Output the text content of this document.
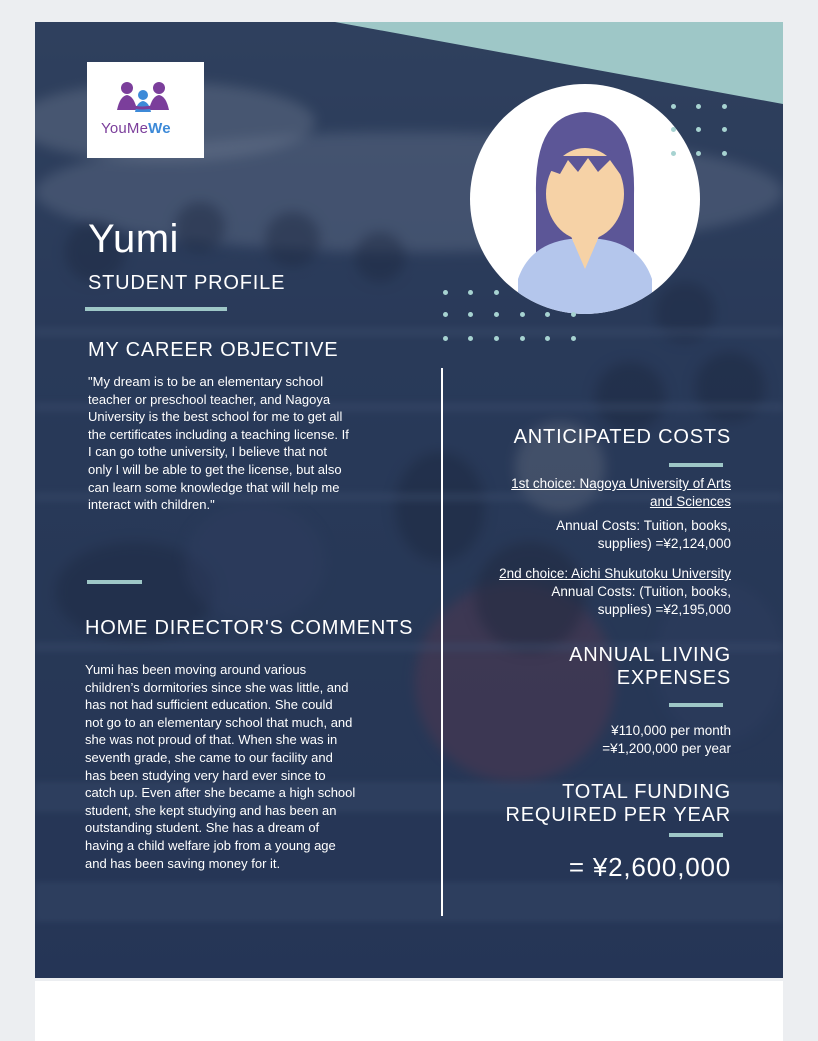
YouMeWe
Yumi
STUDENT PROFILE
MY CAREER OBJECTIVE
"My dream is to be an elementary school
teacher or preschool teacher, and Nagoya
University is the best school for me to get all
the certificates including a teaching license. If
I can go tothe university, I believe that not
only I will be able to get the license, but also
can learn some knowledge that will help me
interact with children."
HOME DIRECTOR'S COMMENTS
Yumi has been moving around various
children’s dormitories since she was little, and
has not had sufficient education. She could
not go to an elementary school that much, and
she was not proud of that. When she was in
seventh grade, she came to our facility and
has been studying very hard ever since to
catch up. Even after she became a high school
student, she kept studying and has been an
outstanding student. She has a dream of
having a child welfare job from a young age
and has been saving money for it.
ANTICIPATED COSTS
1st choice: Nagoya University of Arts
and Sciences
Annual Costs: Tuition, books,
supplies) =¥2,124,000
2nd choice: Aichi Shukutoku University
Annual Costs: (Tuition, books,
supplies) =¥2,195,000
ANNUAL LIVING
EXPENSES
¥110,000 per month
=¥1,200,000 per year
TOTAL FUNDING
REQUIRED PER YEAR
= ¥2,600,000
